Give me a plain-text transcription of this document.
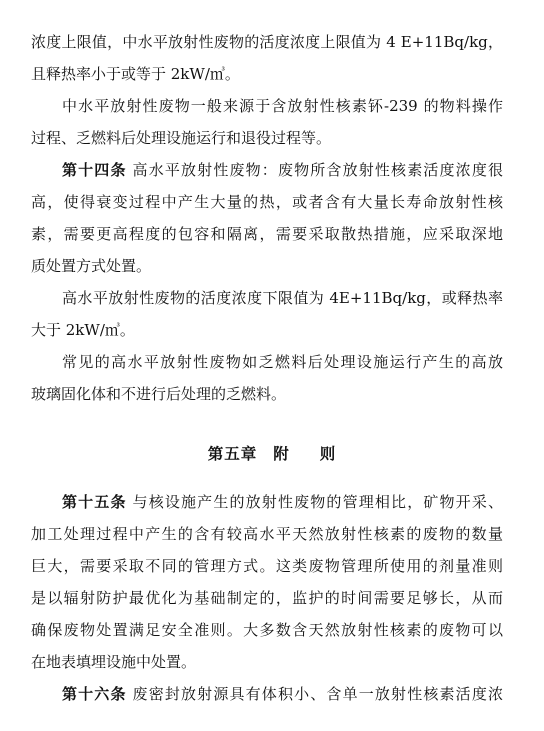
浓度上限值，中水平放射性废物的活度浓度上限值为 4 E+11Bq/kg，
且释热率小于或等于 2kW/㎥。
中水平放射性废物一般来源于含放射性核素钚-239 的物料操作
过程、乏燃料后处理设施运行和退役过程等。
第十四条 高水平放射性废物：废物所含放射性核素活度浓度很
高，使得衰变过程中产生大量的热，或者含有大量长寿命放射性核
素，需要更高程度的包容和隔离，需要采取散热措施，应采取深地
质处置方式处置。
高水平放射性废物的活度浓度下限值为 4E+11Bq/kg，或释热率
大于 2kW/㎥。
常见的高水平放射性废物如乏燃料后处理设施运行产生的高放
玻璃固化体和不进行后处理的乏燃料。
第五章 附 则
第十五条 与核设施产生的放射性废物的管理相比，矿物开采、
加工处理过程中产生的含有较高水平天然放射性核素的废物的数量
巨大，需要采取不同的管理方式。这类废物管理所使用的剂量准则
是以辐射防护最优化为基础制定的，监护的时间需要足够长，从而
确保废物处置满足安全准则。大多数含天然放射性核素的废物可以
在地表填埋设施中处置。
第十六条 废密封放射源具有体积小、含单一放射性核素活度浓
